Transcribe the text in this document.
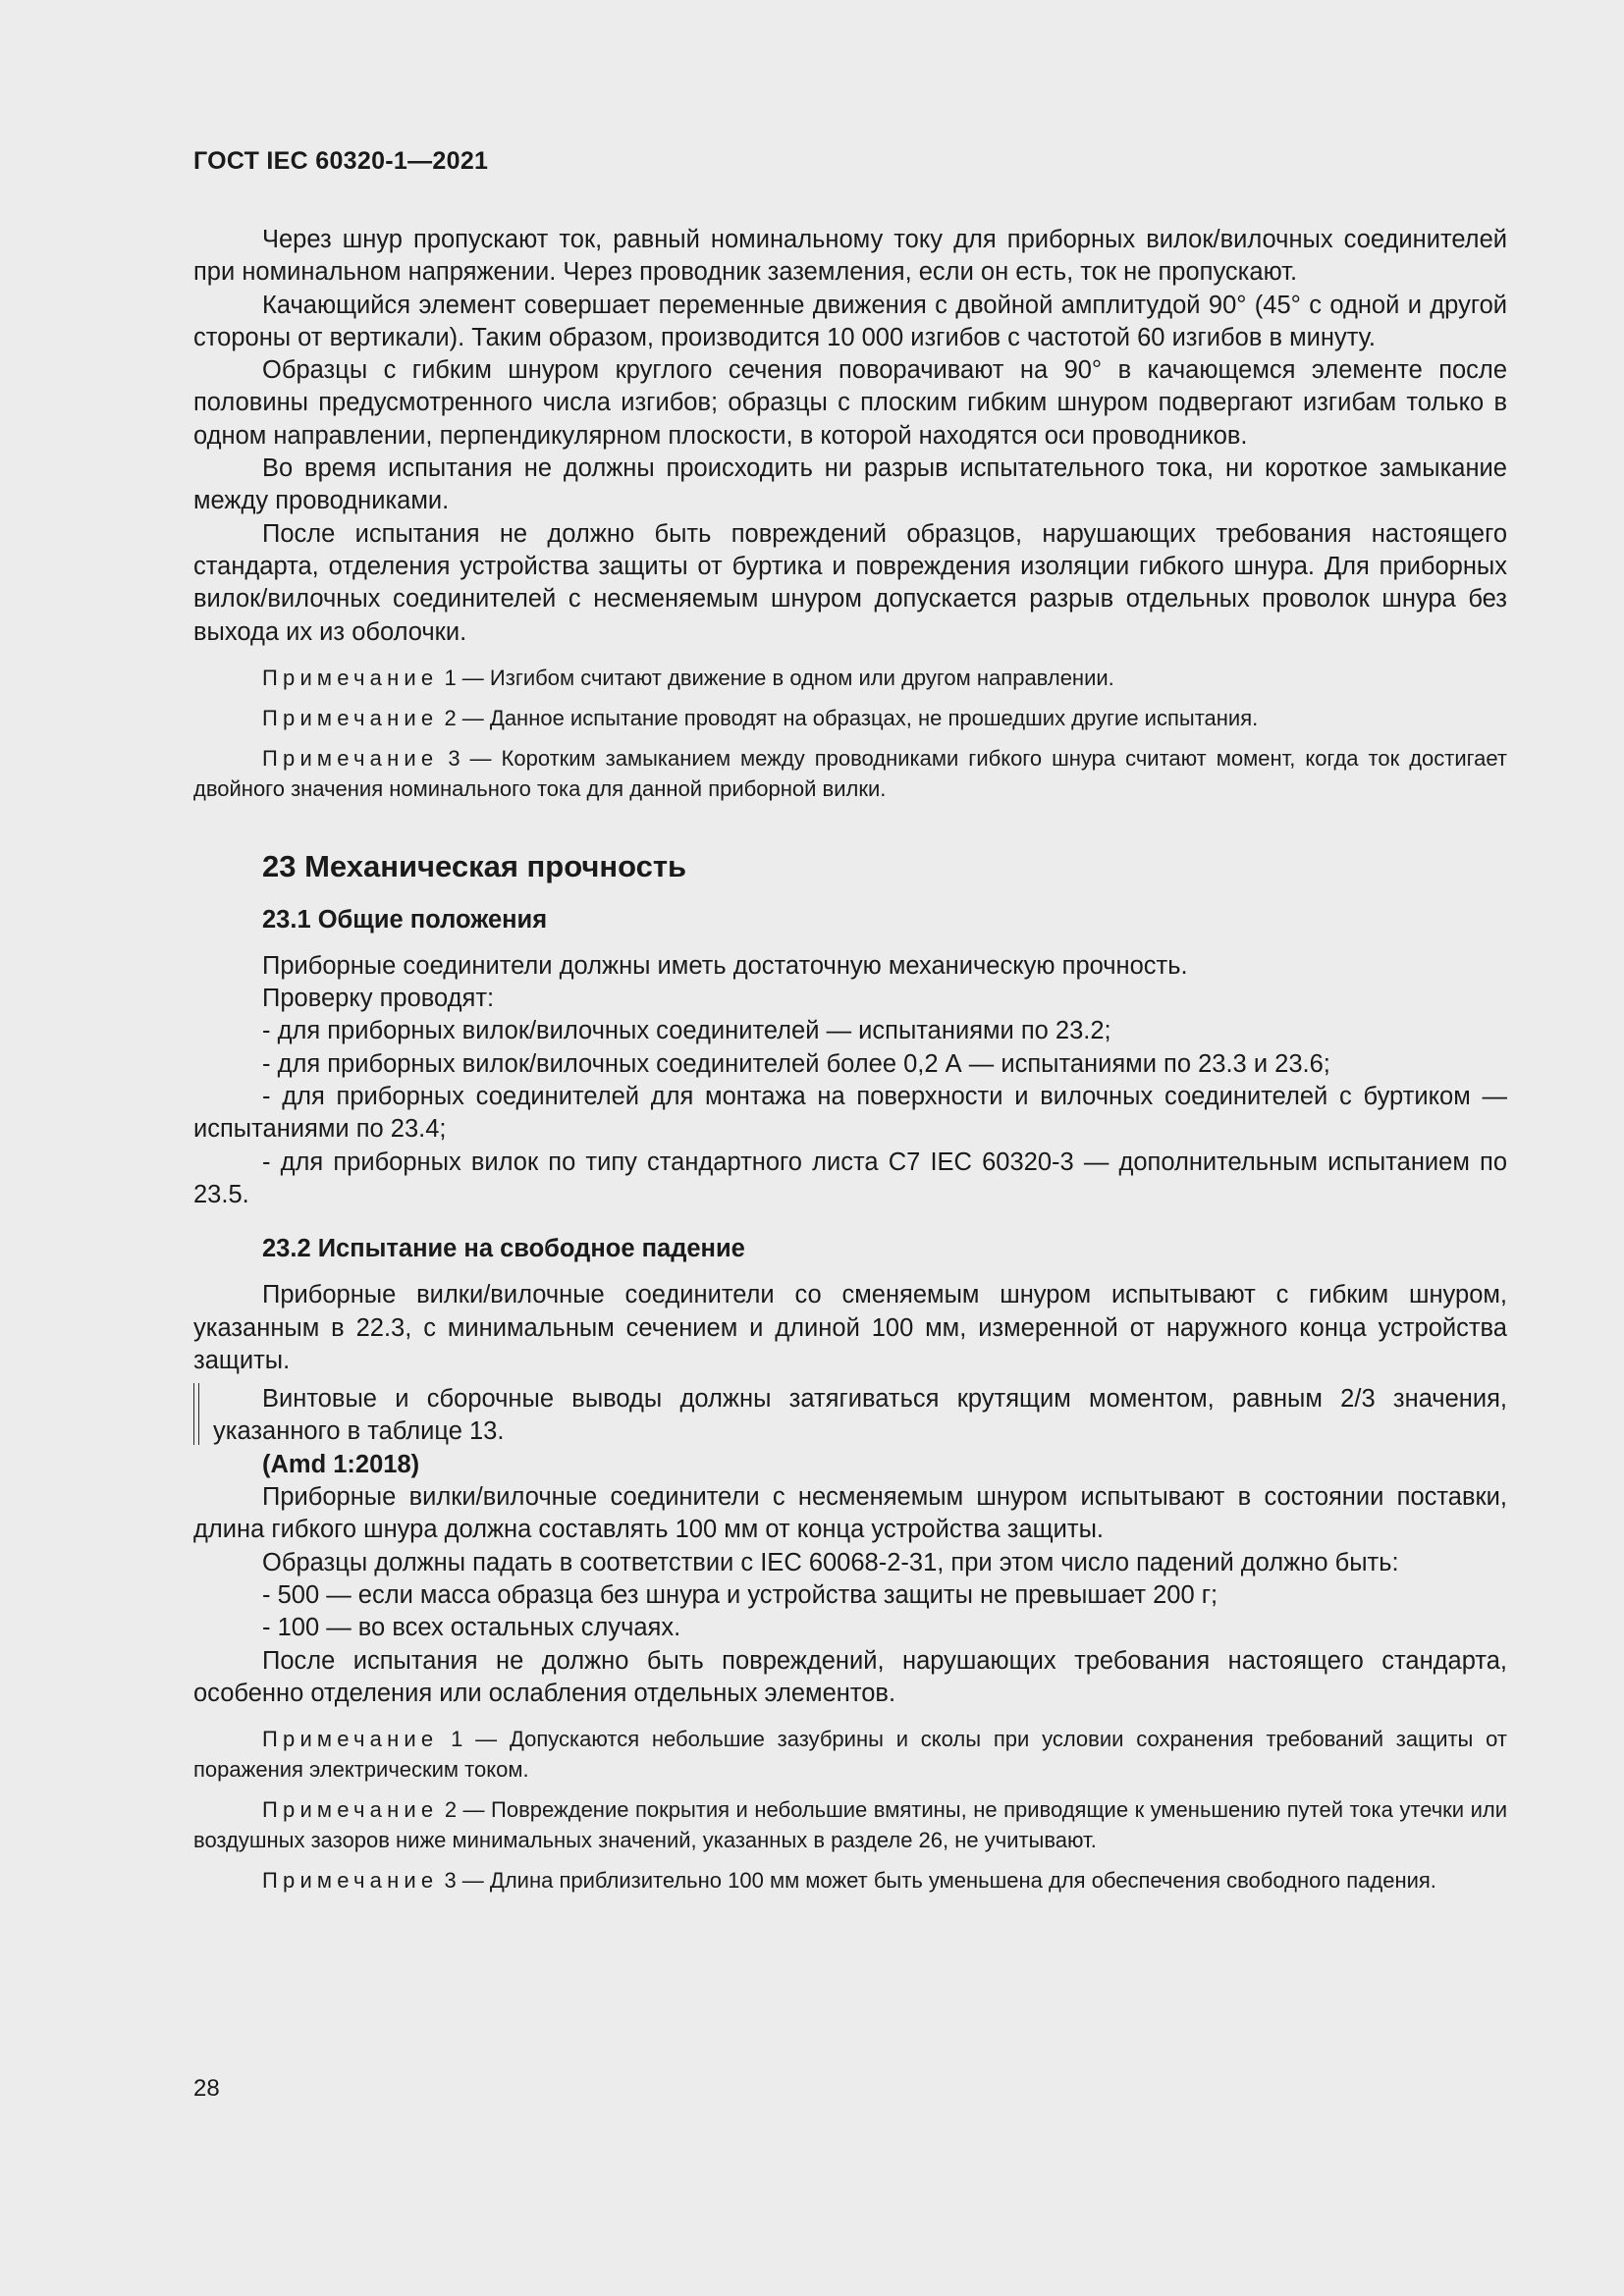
ГОСТ IEC 60320-1—2021

Через шнур пропускают ток, равный номинальному току для приборных вилок/вилочных соединителей при номинальном напряжении. Через проводник заземления, если он есть, ток не пропускают.

Качающийся элемент совершает переменные движения с двойной амплитудой 90° (45° с одной и другой стороны от вертикали). Таким образом, производится 10 000 изгибов с частотой 60 изгибов в минуту.

Образцы с гибким шнуром круглого сечения поворачивают на 90° в качающемся элементе после половины предусмотренного числа изгибов; образцы с плоским гибким шнуром подвергают изгибам только в одном направлении, перпендикулярном плоскости, в которой находятся оси проводников.

Во время испытания не должны происходить ни разрыв испытательного тока, ни короткое замыкание между проводниками.

После испытания не должно быть повреждений образцов, нарушающих требования настоящего стандарта, отделения устройства защиты от буртика и повреждения изоляции гибкого шнура. Для приборных вилок/вилочных соединителей с несменяемым шнуром допускается разрыв отдельных проволок шнура без выхода их из оболочки.

Примечание 1 — Изгибом считают движение в одном или другом направлении.

Примечание 2 — Данное испытание проводят на образцах, не прошедших другие испытания.

Примечание 3 — Коротким замыканием между проводниками гибкого шнура считают момент, когда ток достигает двойного значения номинального тока для данной приборной вилки.

23 Механическая прочность

23.1 Общие положения

Приборные соединители должны иметь достаточную механическую прочность.

Проверку проводят:

- для приборных вилок/вилочных соединителей — испытаниями по 23.2;

- для приборных вилок/вилочных соединителей более 0,2 А — испытаниями по 23.3 и 23.6;

- для приборных соединителей для монтажа на поверхности и вилочных соединителей с буртиком — испытаниями по 23.4;

- для приборных вилок по типу стандартного листа С7 IEC 60320-3 — дополнительным испытанием по 23.5.

23.2 Испытание на свободное падение

Приборные вилки/вилочные соединители со сменяемым шнуром испытывают с гибким шнуром, указанным в 22.3, с минимальным сечением и длиной 100 мм, измеренной от наружного конца устройства защиты.

Винтовые и сборочные выводы должны затягиваться крутящим моментом, равным 2/3 значения, указанного в таблице 13.

(Amd 1:2018)

Приборные вилки/вилочные соединители с несменяемым шнуром испытывают в состоянии поставки, длина гибкого шнура должна составлять 100 мм от конца устройства защиты.

Образцы должны падать в соответствии с IEC 60068-2-31, при этом число падений должно быть:

- 500 — если масса образца без шнура и устройства защиты не превышает 200 г;

- 100 — во всех остальных случаях.

После испытания не должно быть повреждений, нарушающих требования настоящего стандарта, особенно отделения или ослабления отдельных элементов.

Примечание 1 — Допускаются небольшие зазубрины и сколы при условии сохранения требований защиты от поражения электрическим током.

Примечание 2 — Повреждение покрытия и небольшие вмятины, не приводящие к уменьшению путей тока утечки или воздушных зазоров ниже минимальных значений, указанных в разделе 26, не учитывают.

Примечание 3 — Длина приблизительно 100 мм может быть уменьшена для обеспечения свободного падения.

28
